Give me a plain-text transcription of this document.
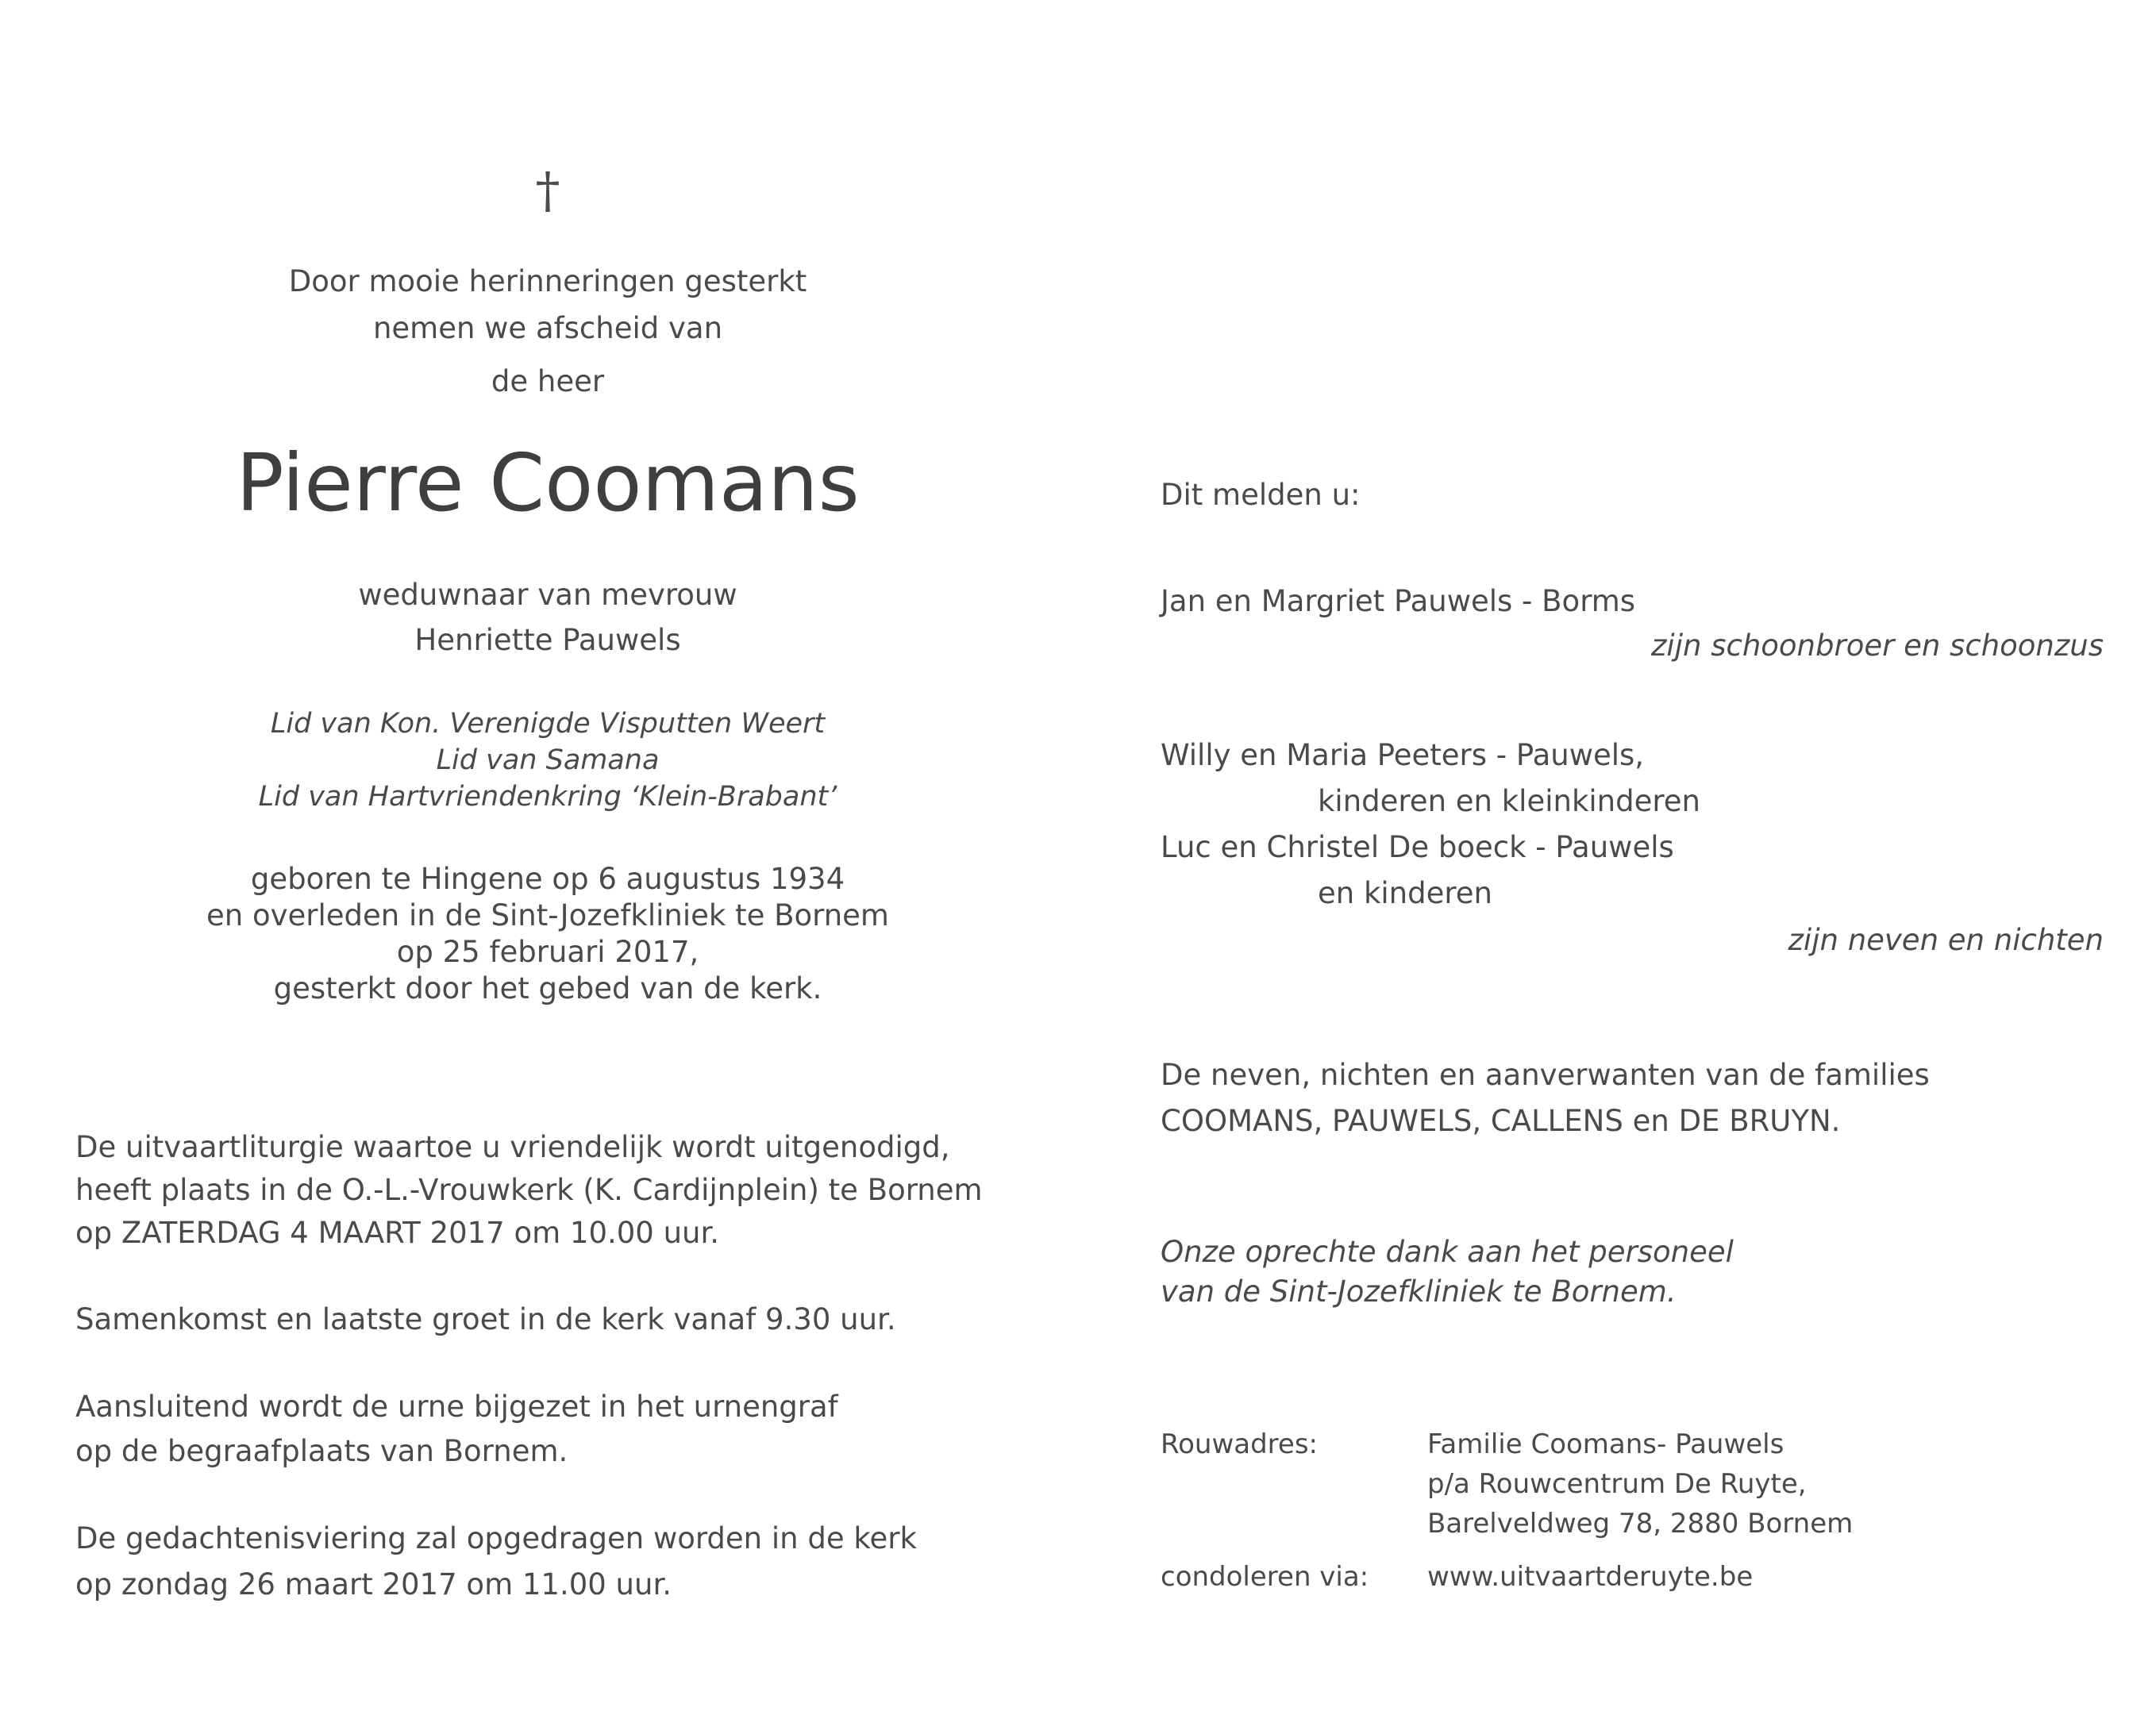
†
Door mooie herinneringen gesterkt
nemen we afscheid van
de heer
Pierre Coomans
weduwnaar van mevrouw
Henriette Pauwels
Lid van Kon. Verenigde Visputten Weert
Lid van Samana
Lid van Hartvriendenkring ‘Klein-Brabant’
geboren te Hingene op 6 augustus 1934
en overleden in de Sint-Jozefkliniek te Bornem
op 25 februari 2017,
gesterkt door het gebed van de kerk.
De uitvaartliturgie waartoe u vriendelijk wordt uitgenodigd,
heeft plaats in de O.-L.-Vrouwkerk (K. Cardijnplein) te Bornem
op ZATERDAG 4 MAART 2017 om 10.00 uur.
Samenkomst en laatste groet in de kerk vanaf 9.30 uur.
Aansluitend wordt de urne bijgezet in het urnengraf
op de begraafplaats van Bornem.
De gedachtenisviering zal opgedragen worden in de kerk
op zondag 26 maart 2017 om 11.00 uur.
Dit melden u:
Jan en Margriet Pauwels - Borms
zijn schoonbroer en schoonzus
Willy en Maria Peeters - Pauwels,
kinderen en kleinkinderen
Luc en Christel De boeck - Pauwels
en kinderen
zijn neven en nichten
De neven, nichten en aanverwanten van de families
COOMANS, PAUWELS, CALLENS en DE BRUYN.
Onze oprechte dank aan het personeel
van de Sint-Jozefkliniek te Bornem.
Rouwadres:	Familie Coomans- Pauwels
p/a Rouwcentrum De Ruyte,
Barelveldweg 78, 2880 Bornem
condoleren via: www.uitvaartderuyte.be
